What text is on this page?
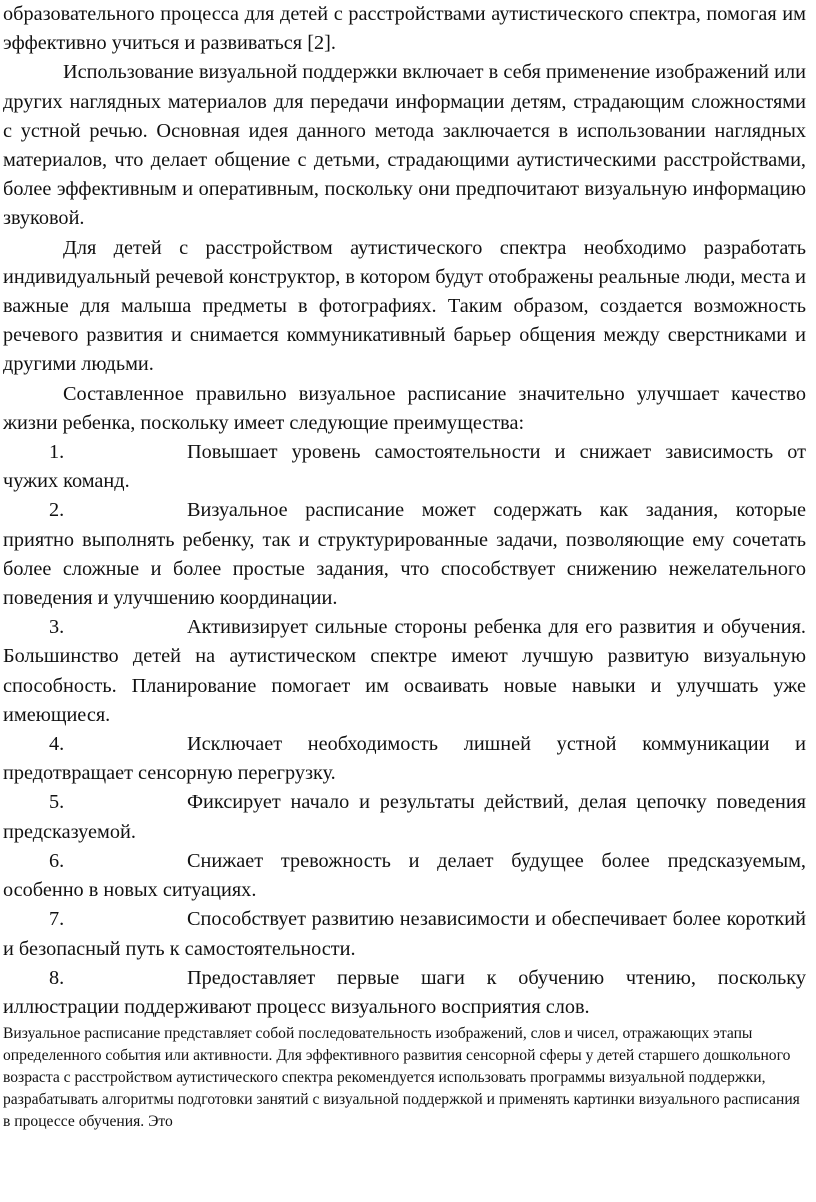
образовательного процесса для детей с расстройствами аутистического спектра, помогая им эффективно учиться и развиваться [2].

Использование визуальной поддержки включает в себя применение изображений или других наглядных материалов для передачи информации детям, страдающим сложностями с устной речью. Основная идея данного метода заключается в использовании наглядных материалов, что делает общение с детьми, страдающими аутистическими расстройствами, более эффективным и оперативным, поскольку они предпочитают визуальную информацию звуковой.

Для детей с расстройством аутистического спектра необходимо разработать индивидуальный речевой конструктор, в котором будут отображены реальные люди, места и важные для малыша предметы в фотографиях. Таким образом, создается возможность речевого развития и снимается коммуникативный барьер общения между сверстниками и другими людьми.

Составленное правильно визуальное расписание значительно улучшает качество жизни ребенка, поскольку имеет следующие преимущества:

1.	Повышает уровень самостоятельности и снижает зависимость от чужих команд.

2.	Визуальное расписание может содержать как задания, которые приятно выполнять ребенку, так и структурированные задачи, позволяющие ему сочетать более сложные и более простые задания, что способствует снижению нежелательного поведения и улучшению координации.

3.	Активизирует сильные стороны ребенка для его развития и обучения. Большинство детей на аутистическом спектре имеют лучшую развитую визуальную способность. Планирование помогает им осваивать новые навыки и улучшать уже имеющиеся.

4.	Исключает необходимость лишней устной коммуникации и предотвращает сенсорную перегрузку.

5.	Фиксирует начало и результаты действий, делая цепочку поведения предсказуемой.

6.	Снижает тревожность и делает будущее более предсказуемым, особенно в новых ситуациях.

7.	Способствует развитию независимости и обеспечивает более короткий и безопасный путь к самостоятельности.

8.	Предоставляет первые шаги к обучению чтению, поскольку иллюстрации поддерживают процесс визуального восприятия слов.

Визуальное расписание представляет собой последовательность изображений, слов и чисел, отражающих этапы определенного события или активности. Для эффективного развития сенсорной сферы у детей старшего дошкольного возраста с расстройством аутистического спектра рекомендуется использовать программы визуальной поддержки, разрабатывать алгоритмы подготовки занятий с визуальной поддержкой и применять картинки визуального расписания в процессе обучения. Это
